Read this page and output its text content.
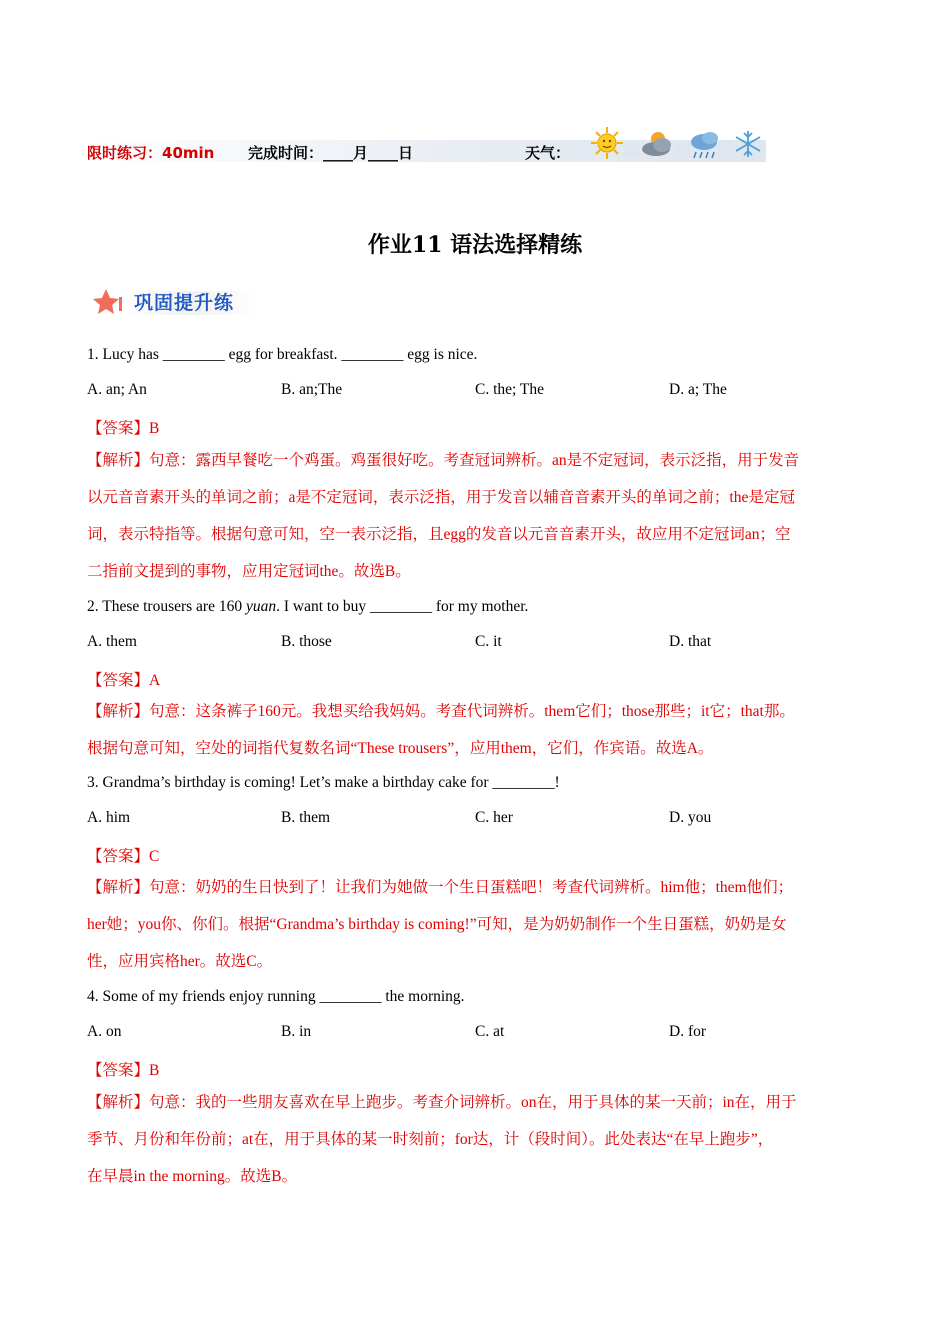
限时练习：40min 完成时间：____月____日	天气：
作业11 语法选择精练
巩固提升练
1. Lucy has ________ egg for breakfast. ________ egg is nice.
A. an; An	B. an;The	C. the; The	D. a; The
【答案】B
【解析】句意：露西早餐吃一个鸡蛋。鸡蛋很好吃。考查冠词辨析。an是不定冠词，表示泛指，用于发音
以元音音素开头的单词之前；a是不定冠词，表示泛指，用于发音以辅音音素开头的单词之前；the是定冠
词，表示特指等。根据句意可知，空一表示泛指，且egg的发音以元音音素开头，故应用不定冠词an；空
二指前文提到的事物，应用定冠词the。故选B。
2. These trousers are 160 yuan. I want to buy ________ for my mother.
A. them	B. those	C. it	D. that
【答案】A
【解析】句意：这条裤子160元。我想买给我妈妈。考查代词辨析。them它们；those那些；it它；that那。
根据句意可知，空处的词指代复数名词“These trousers”，应用them，它们，作宾语。故选A。
3. Grandma’s birthday is coming! Let’s make a birthday cake for ________!
A. him	B. them	C. her	D. you
【答案】C
【解析】句意：奶奶的生日快到了！让我们为她做一个生日蛋糕吧！考查代词辨析。him他；them他们；
her她；you你、你们。根据“Grandma’s birthday is coming!”可知，是为奶奶制作一个生日蛋糕，奶奶是女
性，应用宾格her。故选C。
4. Some of my friends enjoy running ________ the morning.
A. on	B. in	C. at	D. for
【答案】B
【解析】句意：我的一些朋友喜欢在早上跑步。考查介词辨析。on在，用于具体的某一天前；in在，用于
季节、月份和年份前；at在，用于具体的某一时刻前；for达，计（段时间）。此处表达“在早上跑步”，
在早晨in the morning。故选B。
